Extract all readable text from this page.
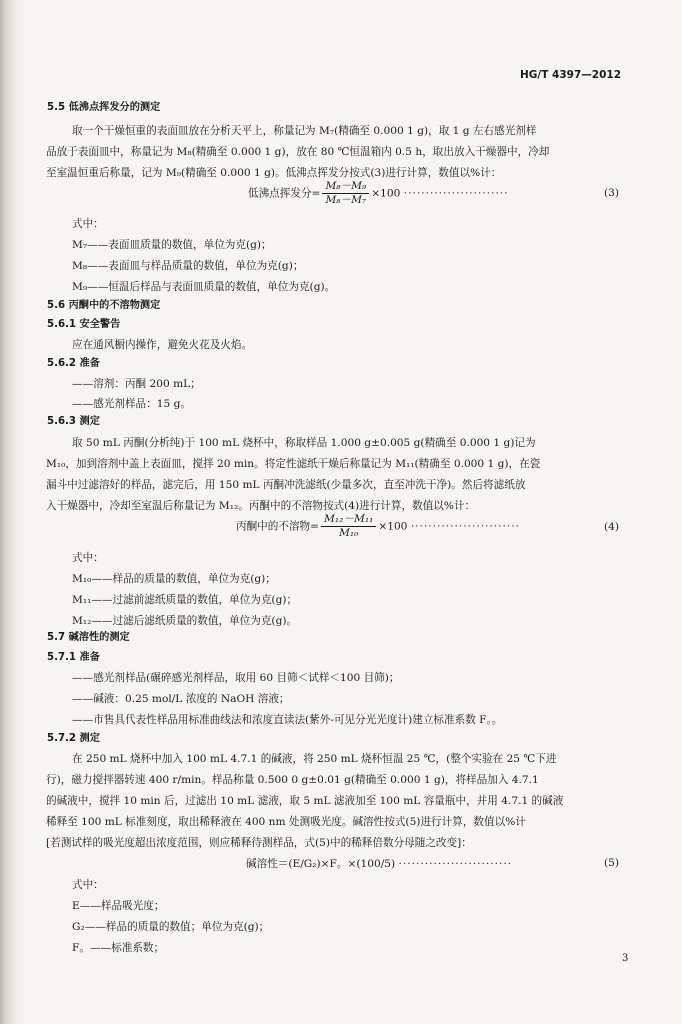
HG/T 4397—2012
5.5 低沸点挥发分的测定
取一个干燥恒重的表面皿放在分析天平上，称量记为 M₇(精确至 0.000 1 g)，取 1 g 左右感光剂样
品放于表面皿中，称量记为 M₈(精确至 0.000 1 g)，放在 80 ℃恒温箱内 0.5 h，取出放入干燥器中，冷却
至室温恒重后称量，记为 M₉(精确至 0.000 1 g)。低沸点挥发分按式(3)进行计算，数值以%计：
低沸点挥发分= $\frac{\text{M₈－M₉}}{\text{M₈－M₇}} \times 100$ ························	(3)
式中：
M₇——表面皿质量的数值，单位为克(g)；
M₈——表面皿与样品质量的数值，单位为克(g)；
M₉——恒温后样品与表面皿质量的数值，单位为克(g)。
5.6 丙酮中的不溶物测定
5.6.1 安全警告
应在通风橱内操作，避免火花及火焰。
5.6.2 准备
——溶剂：丙酮 200 mL；
——感光剂样品：15 g。
5.6.3 测定
取 50 mL 丙酮(分析纯)于 100 mL 烧杯中，称取样品 1.000 g±0.005 g(精确至 0.000 1 g)记为
M₁₀，加到溶剂中盖上表面皿，搅拌 20 min。将定性滤纸干燥后称量记为 M₁₁(精确至 0.000 1 g)，在瓷
漏斗中过滤溶好的样品，滤完后，用 150 mL 丙酮冲洗滤纸(少量多次，直至冲洗干净)。然后将滤纸放
入干燥器中，冷却至室温后称量记为 M₁₂。丙酮中的不溶物按式(4)进行计算，数值以%计：
丙酮中的不溶物= $\frac{\text{M₁₂－M₁₁}}{\text{M₁₀}} \times 100$ ·························	(4)
式中：
M₁₀——样品的质量的数值，单位为克(g)；
M₁₁——过滤前滤纸质量的数值，单位为克(g)；
M₁₂——过滤后滤纸质量的数值，单位为克(g)。
5.7 碱溶性的测定
5.7.1 准备
——感光剂样品(碾碎感光剂样品，取用 60 目筛＜试样＜100 目筛)；
——碱液：0.25 mol/L 浓度的 NaOH 溶液；
——市售具代表性样品用标准曲线法和浓度直读法(紫外-可见分光光度计)建立标准系数 F。。
5.7.2 测定
在 250 mL 烧杯中加入 100 mL 4.7.1 的碱液，将 250 mL 烧杯恒温 25 ℃，(整个实验在 25 ℃下进
行)，磁力搅拌器转速 400 r/min。样品称量 0.500 0 g±0.01 g(精确至 0.000 1 g)，将样品加入 4.7.1
的碱液中，搅拌 10 min 后，过滤出 10 mL 滤液，取 5 mL 滤液加至 100 mL 容量瓶中，并用 4.7.1 的碱液
稀释至 100 mL 标准刻度，取出稀释液在 400 nm 处测吸光度。碱溶性按式(5)进行计算，数值以%计
[若测试样的吸光度超出浓度范围，则应稀释待测样品，式(5)中的稀释倍数分母随之改变]：
碱溶性＝(E/G₂)×F。×(100/5) ··························	(5)
式中：
E——样品吸光度；
G₂——样品的质量的数值；单位为克(g)；
F。——标准系数；
3
